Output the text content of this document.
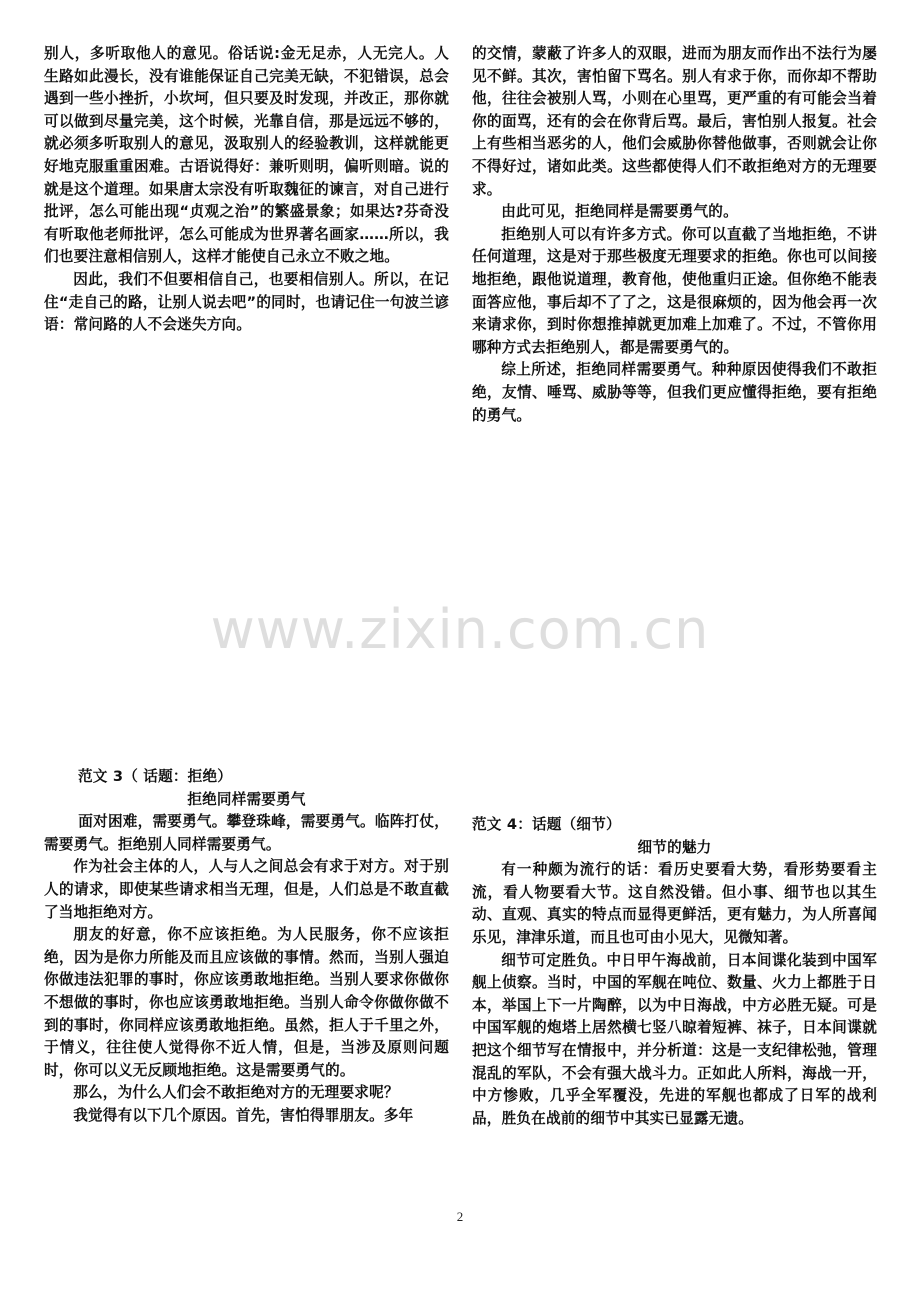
别人，多听取他人的意见。俗话说:金无足赤，人无完人。人生路如此漫长，没有谁能保证自己完美无缺，不犯错误，总会遇到一些小挫折，小坎坷，但只要及时发现，并改正，那你就可以做到尽量完美，这个时候，光靠自信，那是远远不够的，就必须多听取别人的意见，汲取别人的经验教训，这样就能更好地克服重重困难。古语说得好：兼听则明，偏听则暗。说的就是这个道理。如果唐太宗没有听取魏征的谏言，对自己进行批评，怎么可能出现“贞观之治”的繁盛景象；如果达?芬奇没有听取他老师批评，怎么可能成为世界著名画家……所以，我们也要注意相信别人，这样才能使自己永立不败之地。

因此，我们不但要相信自己，也要相信别人。所以，在记住“走自己的路，让别人说去吧”的同时，也请记住一句波兰谚语：常问路的人不会迷失方向。

的交情，蒙蔽了许多人的双眼，进而为朋友而作出不法行为屡见不鲜。其次，害怕留下骂名。别人有求于你，而你却不帮助他，往往会被别人骂，小则在心里骂，更严重的有可能会当着你的面骂，还有的会在你背后骂。最后，害怕别人报复。社会上有些相当恶劣的人，他们会威胁你替他做事，否则就会让你不得好过，诸如此类。这些都使得人们不敢拒绝对方的无理要求。

由此可见，拒绝同样是需要勇气的。

拒绝别人可以有许多方式。你可以直截了当地拒绝，不讲任何道理，这是对于那些极度无理要求的拒绝。你也可以间接地拒绝，跟他说道理，教育他，使他重归正途。但你绝不能表面答应他，事后却不了了之，这是很麻烦的，因为他会再一次来请求你，到时你想推掉就更加难上加难了。不过，不管你用哪种方式去拒绝别人，都是需要勇气的。

综上所述，拒绝同样需要勇气。种种原因使得我们不敢拒绝，友情、唾骂、威胁等等，但我们更应懂得拒绝，要有拒绝的勇气。

www.zixin.com.cn

范文 3（ 话题：拒绝）

拒绝同样需要勇气

面对困难，需要勇气。攀登珠峰，需要勇气。临阵打仗，需要勇气。拒绝别人同样需要勇气。

作为社会主体的人，人与人之间总会有求于对方。对于别人的请求，即使某些请求相当无理，但是，人们总是不敢直截了当地拒绝对方。

朋友的好意，你不应该拒绝。为人民服务，你不应该拒绝，因为是你力所能及而且应该做的事情。然而，当别人强迫你做违法犯罪的事时，你应该勇敢地拒绝。当别人要求你做你不想做的事时，你也应该勇敢地拒绝。当别人命令你做你做不到的事时，你同样应该勇敢地拒绝。虽然，拒人于千里之外，于情义，往往使人觉得你不近人情，但是，当涉及原则问题时，你可以义无反顾地拒绝。这是需要勇气的。

那么，为什么人们会不敢拒绝对方的无理要求呢？

我觉得有以下几个原因。首先，害怕得罪朋友。多年

范文 4：话题（细节）

细节的魅力

有一种颇为流行的话：看历史要看大势，看形势要看主流，看人物要看大节。这自然没错。但小事、细节也以其生动、直观、真实的特点而显得更鲜活，更有魅力，为人所喜闻乐见，津津乐道，而且也可由小见大，见微知著。

细节可定胜负。中日甲午海战前，日本间谍化装到中国军舰上侦察。当时，中国的军舰在吨位、数量、火力上都胜于日本，举国上下一片陶醉，以为中日海战，中方必胜无疑。可是中国军舰的炮塔上居然横七竖八晾着短裤、袜子，日本间谍就把这个细节写在情报中，并分析道：这是一支纪律松弛，管理混乱的军队，不会有强大战斗力。正如此人所料，海战一开，中方惨败，几乎全军覆没，先进的军舰也都成了日军的战利品，胜负在战前的细节中其实已显露无遗。

2
